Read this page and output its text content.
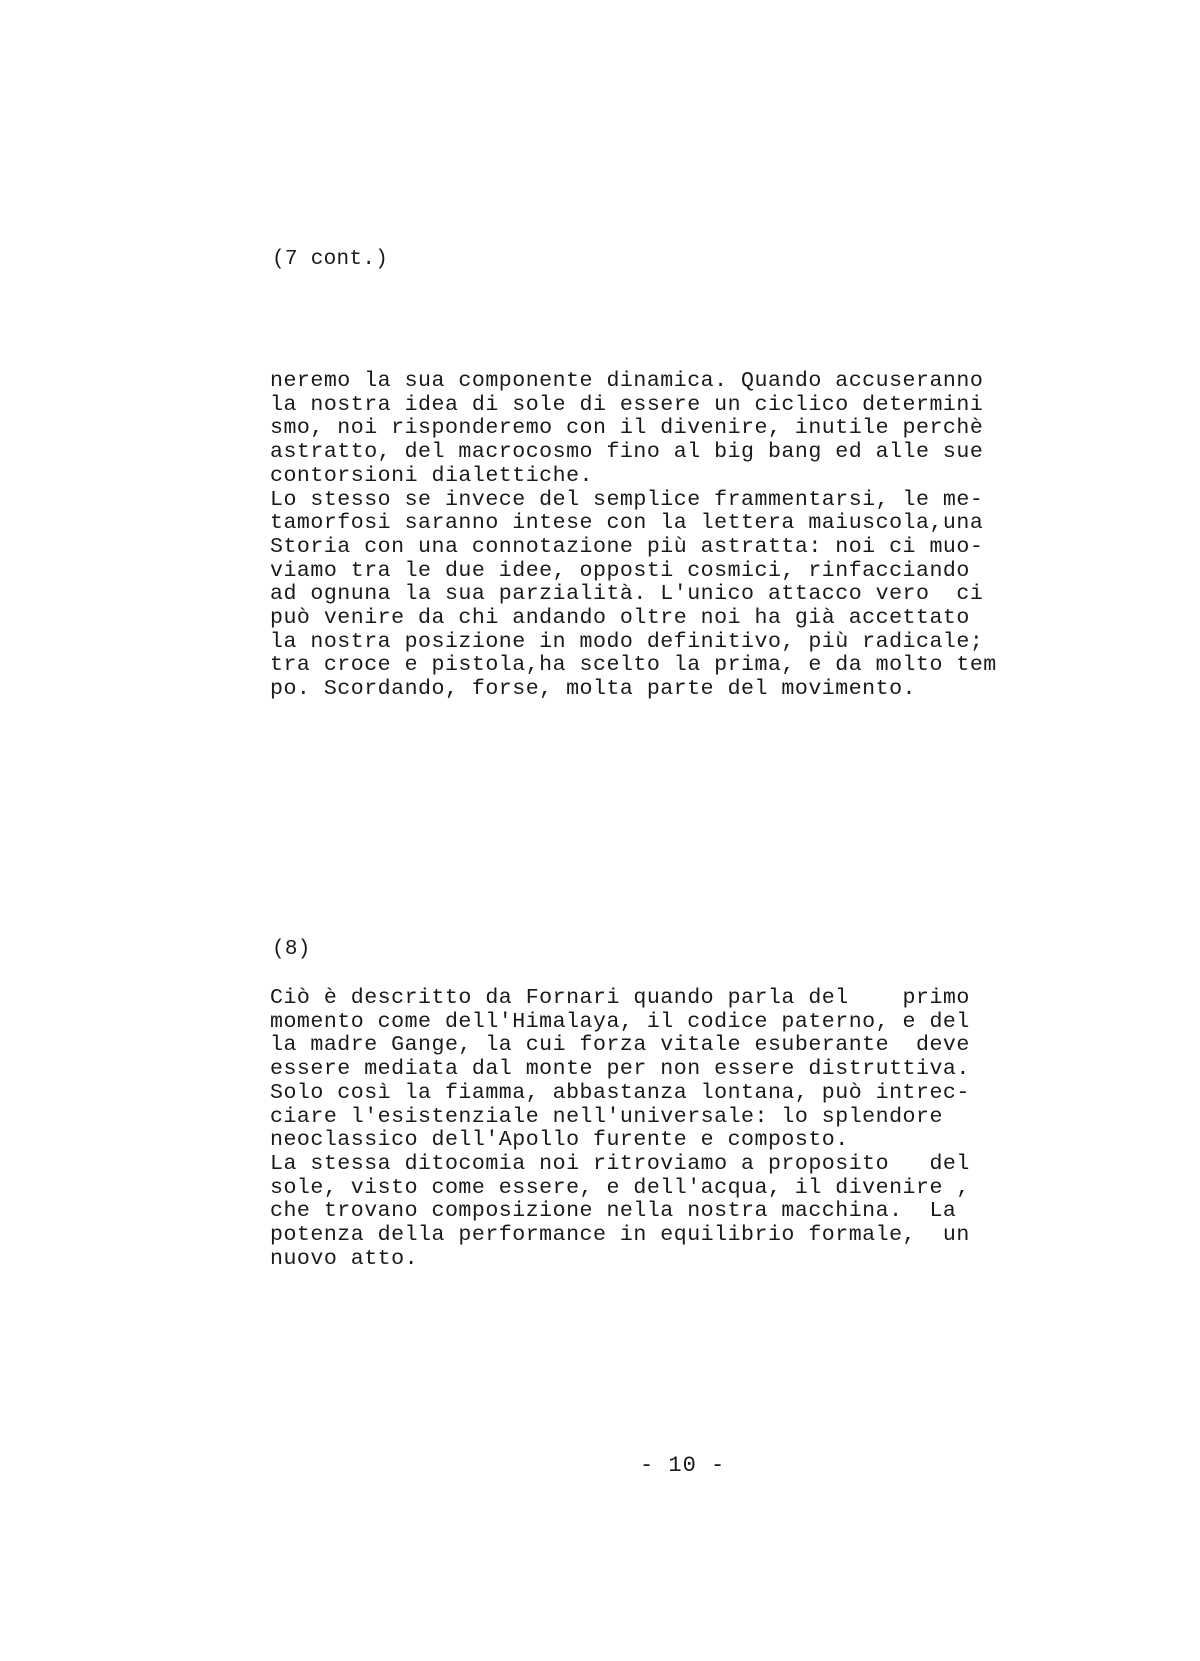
(7 cont.)
neremo la sua componente dinamica. Quando accuseranno
la nostra idea di sole di essere un ciclico determini
smo, noi risponderemo con il divenire, inutile perchè
astratto, del macrocosmo fino al big bang ed alle sue
contorsioni dialettiche.
Lo stesso se invece del semplice frammentarsi, le me-
tamorfosi saranno intese con la lettera maiuscola,una
Storia con una connotazione più astratta: noi ci muo-
viamo tra le due idee, opposti cosmici, rinfacciando
ad ognuna la sua parzialità. L'unico attacco vero  ci
può venire da chi andando oltre noi ha già accettato
la nostra posizione in modo definitivo, più radicale;
tra croce e pistola,ha scelto la prima, e da molto tem
po. Scordando, forse, molta parte del movimento.
(8)
Ciò è descritto da Fornari quando parla del    primo
momento come dell'Himalaya, il codice paterno, e del
la madre Gange, la cui forza vitale esuberante  deve
essere mediata dal monte per non essere distruttiva.
Solo così la fiamma, abbastanza lontana, può intrec-
ciare l'esistenziale nell'universale: lo splendore
neoclassico dell'Apollo furente e composto.
La stessa ditocomia noi ritroviamo a proposito   del
sole, visto come essere, e dell'acqua, il divenire ,
che trovano composizione nella nostra macchina.  La
potenza della performance in equilibrio formale,  un
nuovo atto.
- 10 -
